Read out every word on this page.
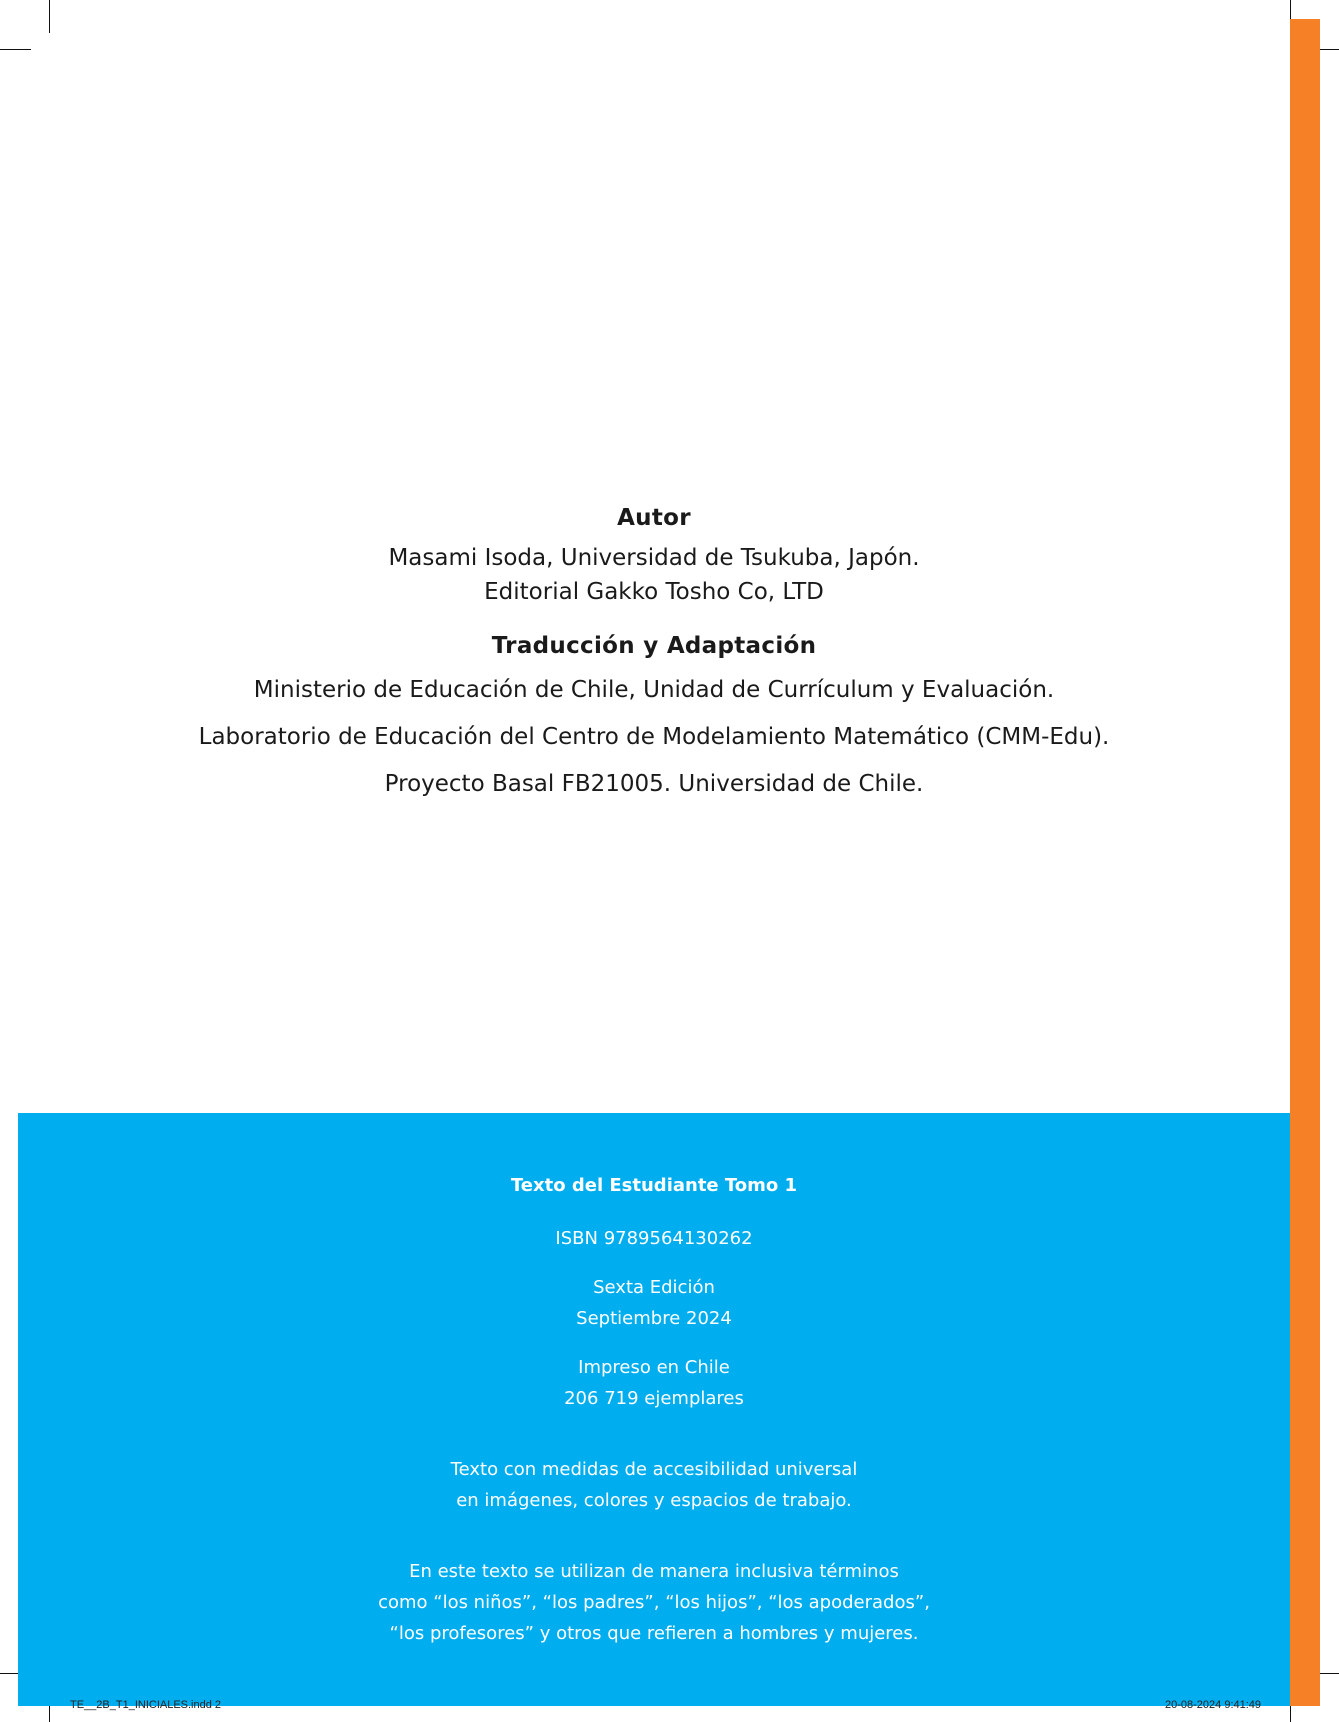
Autor

Masami Isoda, Universidad de Tsukuba, Japón.

Editorial Gakko Tosho Co, LTD

Traducción y Adaptación

Ministerio de Educación de Chile, Unidad de Currículum y Evaluación.

Laboratorio de Educación del Centro de Modelamiento Matemático (CMM-Edu).

Proyecto Basal FB21005. Universidad de Chile.

Texto del Estudiante Tomo 1

ISBN 9789564130262

Sexta Edición

Septiembre 2024

Impreso en Chile

206 719 ejemplares

Texto con medidas de accesibilidad universal

en imágenes, colores y espacios de trabajo.

En este texto se utilizan de manera inclusiva términos

como “los niños”, “los padres”, “los hijos”, “los apoderados”,

“los profesores” y otros que refieren a hombres y mujeres.

TE__2B_T1_INICIALES.indd 2	20-08-2024 9:41:49
